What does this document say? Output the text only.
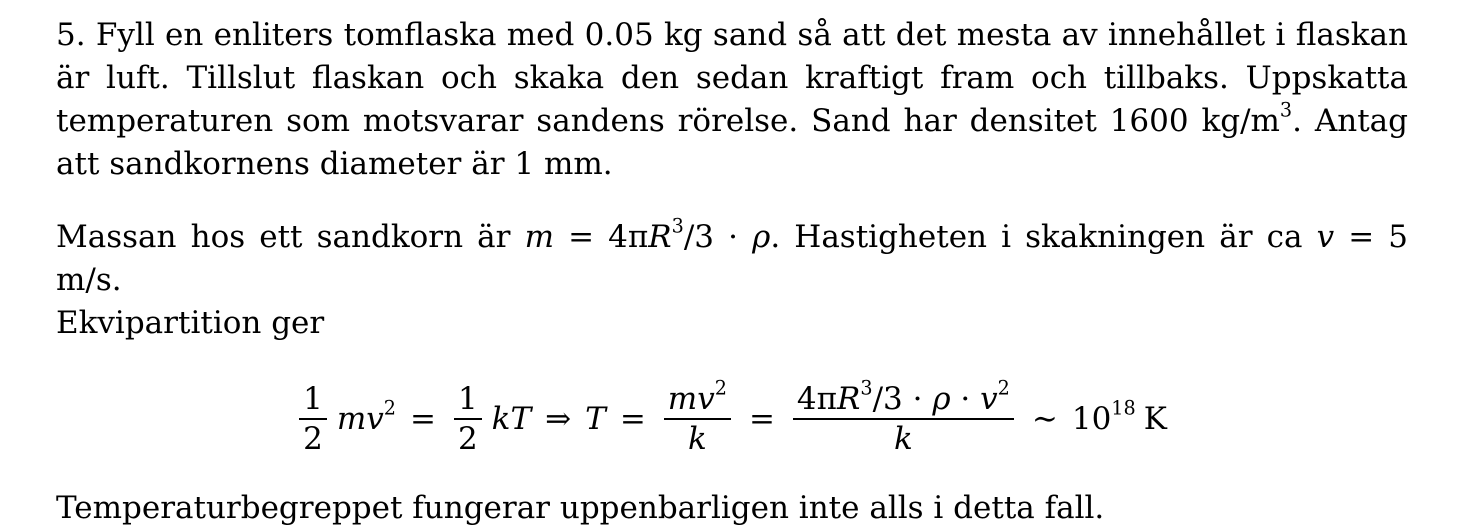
5. Fyll en enliters tomflaska med 0.05 kg sand så att det mesta av innehållet i flaskan är luft. Tillslut flaskan och skaka den sedan kraftigt fram och tillbaks. Uppskatta temperaturen som motsvarar sandens rörelse. Sand har densitet 1600 $kg/m^3$. Antag att sandkornens diameter är 1 mm.

Massan hos ett sandkorn är $m = 4\pi R^3/3 \cdot \rho$. Hastigheten i skakningen är ca v = 5 m/s.
Ekvipartition ger

$\frac{1}{2} mv^2 = \frac{1}{2}$ kT ⇒ $T = \frac{mv^2}{k} = \frac{4\pi R^3/3 \cdot \rho \cdot v^2}{k}$ ∼ $10^{18}$ K

Temperaturbegreppet fungerar uppenbarligen inte alls i detta fall.
